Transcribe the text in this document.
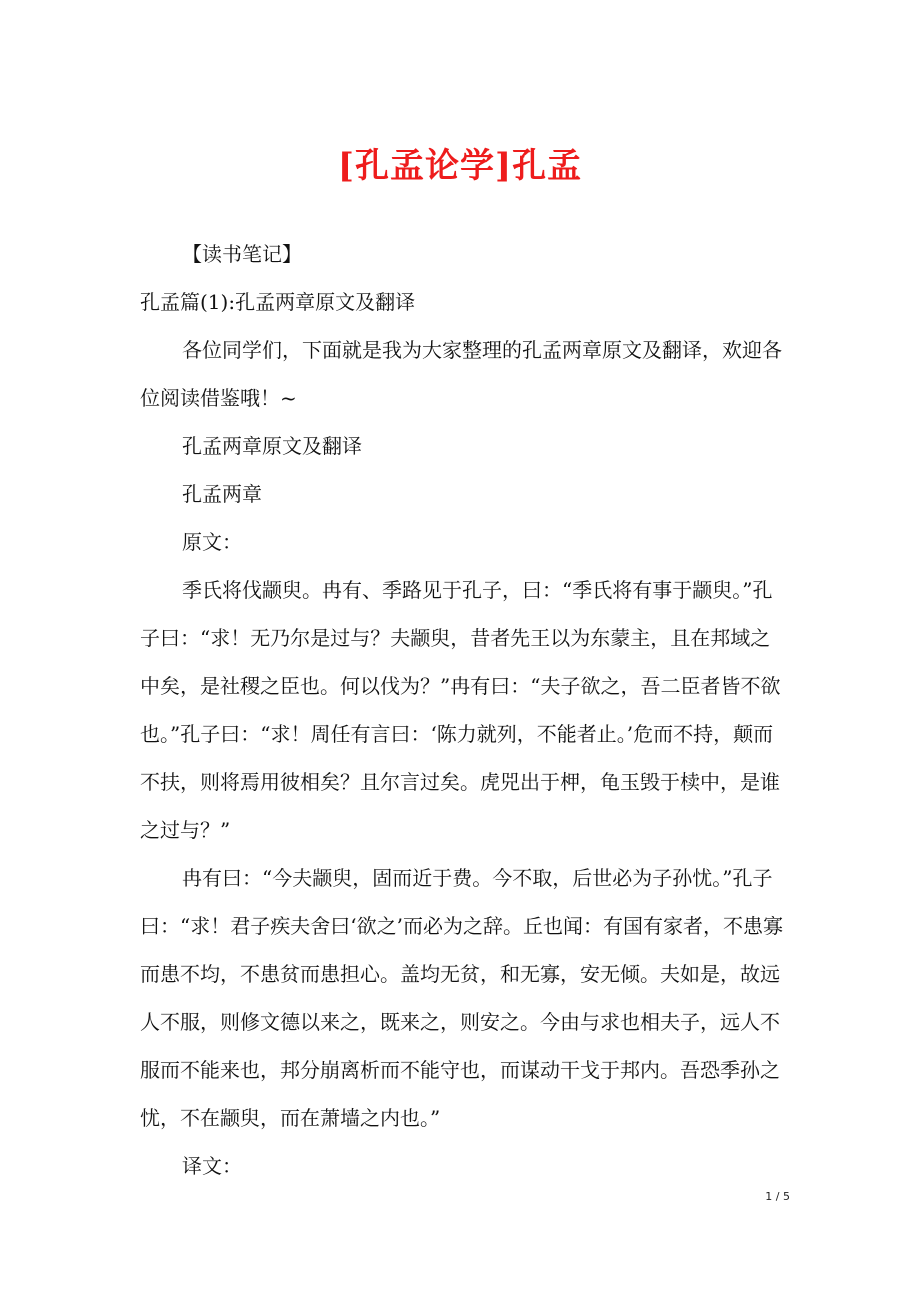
[孔孟论学]孔孟

【读书笔记】

孔孟篇(1):孔孟两章原文及翻译

各位同学们，下面就是我为大家整理的孔孟两章原文及翻译，欢迎各位阅读借鉴哦！~

孔孟两章原文及翻译

孔孟两章

原文：

季氏将伐颛臾。冉有、季路见于孔子，曰：“季氏将有事于颛臾。”孔子曰：“求！无乃尔是过与？夫颛臾，昔者先王以为东蒙主，且在邦域之中矣，是社稷之臣也。何以伐为？”冉有曰：“夫子欲之，吾二臣者皆不欲也。”孔子曰：“求！周任有言曰：‘陈力就列，不能者止。’危而不持，颠而不扶，则将焉用彼相矣？且尔言过矣。虎兕出于柙，龟玉毁于椟中，是谁之过与？”

冉有曰：“今夫颛臾，固而近于费。今不取，后世必为子孙忧。”孔子曰：“求！君子疾夫舍曰‘欲之’而必为之辞。丘也闻：有国有家者，不患寡而患不均，不患贫而患担心。盖均无贫，和无寡，安无倾。夫如是，故远人不服，则修文德以来之，既来之，则安之。今由与求也相夫子，远人不服而不能来也，邦分崩离析而不能守也，而谋动干戈于邦内。吾恐季孙之忧，不在颛臾，而在萧墙之内也。”

译文：

1 / 5
